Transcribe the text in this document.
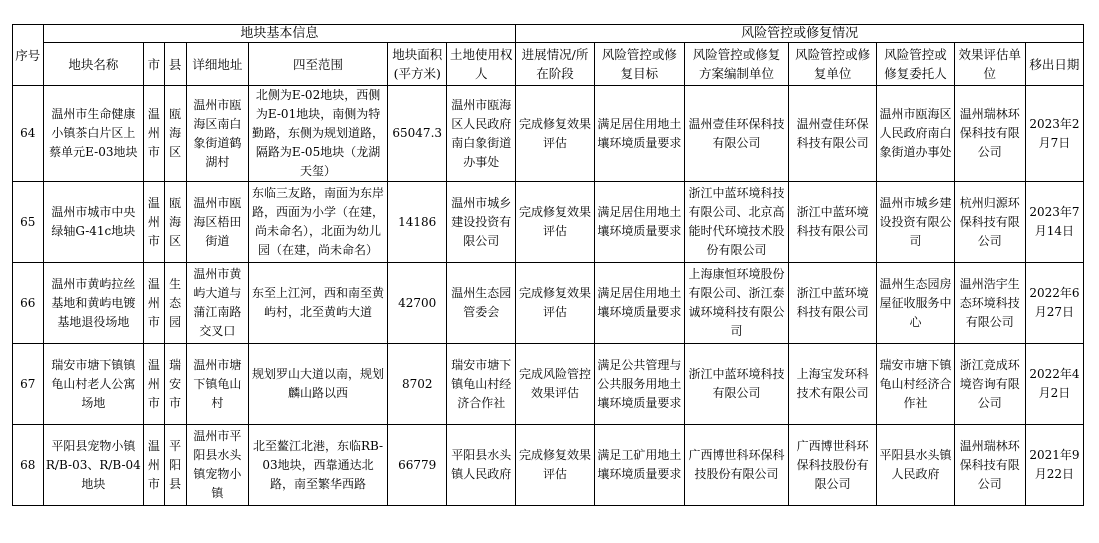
序号	地块基本信息							风险管控或修复情况						
	地块名称	市	县	详细地址	四至范围	地块面积(平方米)	土地使用权人	进展情况/所在阶段	风险管控或修复目标	风险管控或修复方案编制单位	风险管控或修复单位	风险管控或修复委托人	效果评估单位	移出日期
64	温州市生命健康小镇茶白片区上蔡单元E-03地块	温州市	瓯海区	温州市瓯海区南白象街道鹤湖村	北侧为E-02地块，西侧为E-01地块，南侧为特勤路，东侧为规划道路，隔路为E-05地块（龙湖天玺）	65047.3	温州市瓯海区人民政府南白象街道办事处	完成修复效果评估	满足居住用地土壤环境质量要求	温州壹佳环保科技有限公司	温州壹佳环保科技有限公司	温州市瓯海区人民政府南白象街道办事处	温州瑞林环保科技有限公司	2023年2月7日
65	温州市城市中央绿轴G-41c地块	温州市	瓯海区	温州市瓯海区梧田街道	东临三友路，南面为东岸路，西面为小学（在建，尚未命名），北面为幼儿园（在建，尚未命名）	14186	温州市城乡建设投资有限公司	完成修复效果评估	满足居住用地土壤环境质量要求	浙江中蓝环境科技有限公司、北京高能时代环境技术股份有限公司	浙江中蓝环境科技有限公司	温州市城乡建设投资有限公司	杭州归源环保科技有限公司	2023年7月14日
66	温州市黄屿拉丝基地和黄屿电镀基地退役场地	温州市	生态园	温州市黄屿大道与蒲江南路交叉口	东至上江河，西和南至黄屿村，北至黄屿大道	42700	温州生态园管委会	完成修复效果评估	满足居住用地土壤环境质量要求	上海康恒环境股份有限公司、浙江泰诚环境科技有限公司	浙江中蓝环境科技有限公司	温州生态园房屋征收服务中心	温州浩宇生态环境科技有限公司	2022年6月27日
67	瑞安市塘下镇镇龟山村老人公寓场地	温州市	瑞安市	温州市塘下镇龟山村	规划罗山大道以南，规划麟山路以西	8702	瑞安市塘下镇龟山村经济合作社	完成风险管控效果评估	满足公共管理与公共服务用地土壤环境质量要求	浙江中蓝环境科技有限公司	上海宝发环科技术有限公司	瑞安市塘下镇龟山村经济合作社	浙江竞成环境咨询有限公司	2022年4月2日
68	平阳县宠物小镇R/B-03、R/B-04地块	温州市	平阳县	温州市平阳县水头镇宠物小镇	北至鳌江北港，东临RB-03地块，西靠通达北路，南至繁华西路	66779	平阳县水头镇人民政府	完成修复效果评估	满足工矿用地土壤环境质量要求	广西博世科环保科技股份有限公司	广西博世科环保科技股份有限公司	平阳县水头镇人民政府	温州瑞林环保科技有限公司	2021年9月22日
